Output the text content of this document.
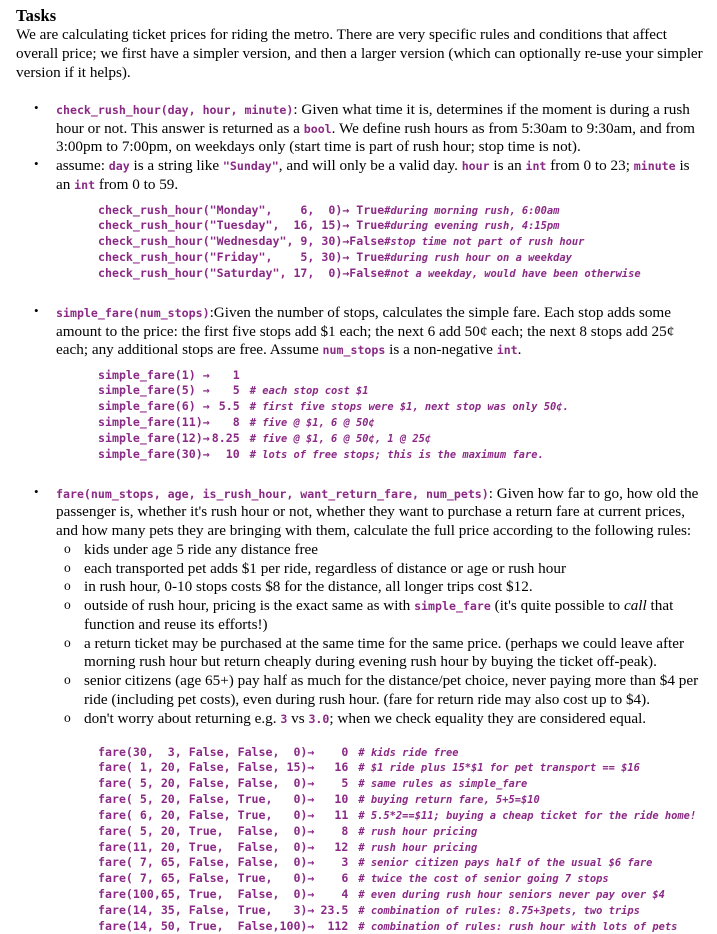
Tasks

We are calculating ticket prices for riding the metro. There are very specific rules and conditions that affect overall price; we first have a simpler version, and then a larger version (which can optionally re-use your simpler version if it helps).

• check_rush_hour(day, hour, minute): Given what time it is, determines if the moment is during a rush hour or not. This answer is returned as a bool. We define rush hours as from 5:30am to 9:30am, and from 3:00pm to 7:00pm, on weekdays only (start time is part of rush hour; stop time is not).
• assume: day is a string like "Sunday", and will only be a valid day. hour is an int from 0 to 23; minute is an int from 0 to 59.
check_rush_hour("Monday",    6,  0)	→	True	#during morning rush, 6:00am
check_rush_hour("Tuesday",  16, 15)	→	True	#during evening rush, 4:15pm
check_rush_hour("Wednesday", 9, 30)	→	False	#stop time not part of rush hour
check_rush_hour("Friday",    5, 30)	→	True	#during rush hour on a weekday
check_rush_hour("Saturday", 17,  0)	→	False	#not a weekday, would have been otherwise
• simple_fare(num_stops):Given the number of stops, calculates the simple fare. Each stop adds some amount to the price: the first five stops add $1 each; the next 6 add 50¢ each; the next 8 stops add 25¢ each; any additional stops are free. Assume num_stops is a non-negative int.
simple_fare(1)	→	1	
simple_fare(5)	→	5	# each stop cost $1
simple_fare(6)	→	5.5	# first five stops were $1, next stop was only 50¢.
simple_fare(11)	→	8	# five @ $1, 6 @ 50¢
simple_fare(12)	→	8.25	# five @ $1, 6 @ 50¢, 1 @ 25¢
simple_fare(30)	→	10	# lots of free stops; this is the maximum fare.
• fare(num_stops, age, is_rush_hour, want_return_fare, num_pets): Given how far to go, how old the passenger is, whether it's rush hour or not, whether they want to purchase a return fare at current prices, and how many pets they are bringing with them, calculate the full price according to the following rules:
o kids under age 5 ride any distance free
o each transported pet adds $1 per ride, regardless of distance or age or rush hour
o in rush hour, 0-10 stops costs $8 for the distance, all longer trips cost $12.
o outside of rush hour, pricing is the exact same as with simple_fare (it's quite possible to call that function and reuse its efforts!)
o a return ticket may be purchased at the same time for the same price. (perhaps we could leave after morning rush hour but return cheaply during evening rush hour by buying the ticket off-peak).
o senior citizens (age 65+) pay half as much for the distance/pet choice, never paying more than $4 per ride (including pet costs), even during rush hour. (fare for return ride may also cost up to $4).
o don't worry about returning e.g. 3 vs 3.0; when we check equality they are considered equal.
fare(30,  3, False, False,  0)	→	0	# kids ride free
fare( 1, 20, False, False, 15)	→	16	# $1 ride plus 15*$1 for pet transport == $16
fare( 5, 20, False, False,  0)	→	5	# same rules as simple_fare
fare( 5, 20, False, True,   0)	→	10	# buying return fare, 5+5=$10
fare( 6, 20, False, True,   0)	→	11	# 5.5*2==$11; buying a cheap ticket for the ride home!
fare( 5, 20, True,  False,  0)	→	8	# rush hour pricing
fare(11, 20, True,  False,  0)	→	12	# rush hour pricing
fare( 7, 65, False, False,  0)	→	3	# senior citizen pays half of the usual $6 fare
fare( 7, 65, False, True,   0)	→	6	# twice the cost of senior going 7 stops
fare(100,65, True,  False,  0)	→	4	# even during rush hour seniors never pay over $4
fare(14, 35, False, True,   3)	→	23.5	# combination of rules: 8.75+3pets, two trips
fare(14, 50, True,  False,100)	→	112	# combination of rules: rush hour with lots of pets
